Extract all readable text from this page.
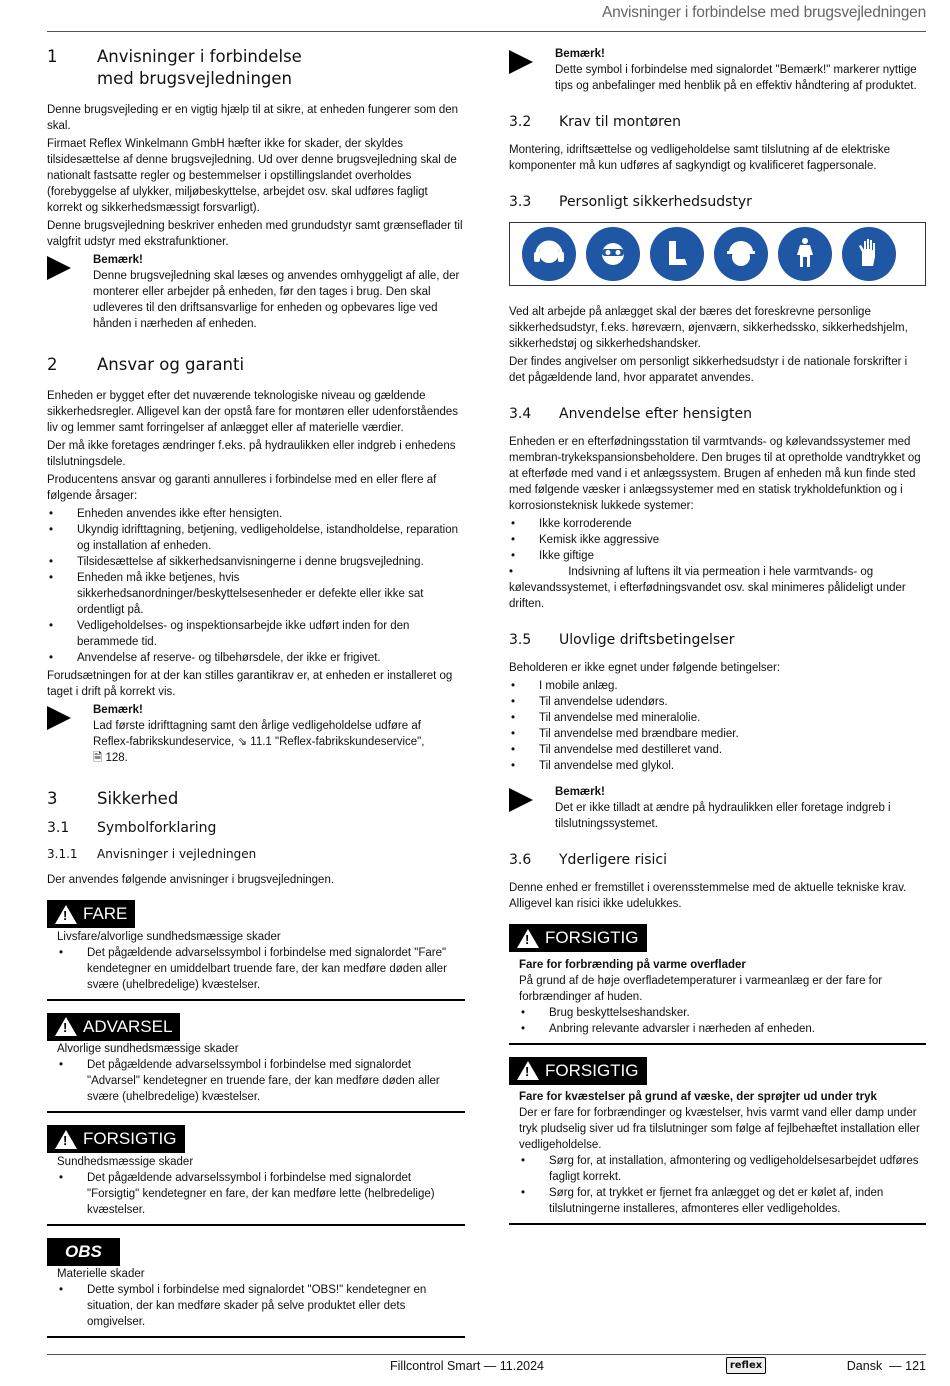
Anvisninger i forbindelse med brugsvejledningen
1	Anvisninger i forbindelse med brugsvejledningen

Denne brugsvejleding er en vigtig hjælp til at sikre, at enheden fungerer som den skal.

Firmaet Reflex Winkelmann GmbH hæfter ikke for skader, der skyldes tilsidesættelse af denne brugsvejledning. Ud over denne brugsvejledning skal de nationalt fastsatte regler og bestemmelser i opstillingslandet overholdes (forebyggelse af ulykker, miljøbeskyttelse, arbejdet osv. skal udføres fagligt korrekt og sikkerhedsmæssigt forsvarligt).

Denne brugsvejledning beskriver enheden med grundudstyr samt grænseflader til valgfrit udstyr med ekstrafunktioner.

Bemærk!
Denne brugsvejledning skal læses og anvendes omhyggeligt af alle, der monterer eller arbejder på enheden, før den tages i brug. Den skal udleveres til den driftsansvarlige for enheden og opbevares lige ved hånden i nærheden af enheden.
2	Ansvar og garanti

Enheden er bygget efter det nuværende teknologiske niveau og gældende sikkerhedsregler. Alligevel kan der opstå fare for montøren eller udenforståendes liv og lemmer samt forringelser af anlægget eller af materielle værdier.

Der må ikke foretages ændringer f.eks. på hydraulikken eller indgreb i enhedens tilslutningsdele.

Producentens ansvar og garanti annulleres i forbindelse med en eller flere af følgende årsager:

• Enheden anvendes ikke efter hensigten.
• Ukyndig idrifttagning, betjening, vedligeholdelse, istandholdelse, reparation og installation af enheden.
• Tilsidesættelse af sikkerhedsanvisningerne i denne brugsvejledning.
• Enheden må ikke betjenes, hvis sikkerhedsanordninger/beskyttelsesenheder er defekte eller ikke sat ordentligt på.
• Vedligeholdelses- og inspektionsarbejde ikke udført inden for den berammede tid.
• Anvendelse af reserve- og tilbehørsdele, der ikke er frigivet.

Forudsætningen for at der kan stilles garantikrav er, at enheden er installeret og taget i drift på korrekt vis.

Bemærk!
Lad første idrifttagning samt den årlige vedligeholdelse udføre af
Reflex-fabrikskundeservice, ⇘ 11.1 "Reflex-fabrikskundeservice",
🗎 128.
3	Sikkerhed
3.1	Symbolforklaring
3.1.1	Anvisninger i vejledningen

Der anvendes følgende anvisninger i brugsvejledningen.

!
FARE
Livsfare/alvorlige sundhedsmæssige skader
• Det pågældende advarselssymbol i forbindelse med signalordet "Fare" kendetegner en umiddelbart truende fare, der kan medføre døden aller svære (uhelbredelige) kvæstelser.
!
ADVARSEL
Alvorlige sundhedsmæssige skader
• Det pågældende advarselssymbol i forbindelse med signalordet "Advarsel" kendetegner en truende fare, der kan medføre døden aller svære (uhelbredelige) kvæstelser.
!
FORSIGTIG
Sundhedsmæssige skader
• Det pågældende advarselssymbol i forbindelse med signalordet "Forsigtig" kendetegner en fare, der kan medføre lette (helbredelige) kvæstelser.
OBS
Materielle skader
• Dette symbol i forbindelse med signalordet "OBS!" kendetegner en situation, der kan medføre skader på selve produktet eller dets omgivelser.
Bemærk!
Dette symbol i forbindelse med signalordet "Bemærk!" markerer nyttige tips og anbefalinger med henblik på en effektiv håndtering af produktet.
3.2	Krav til montøren

Montering, idriftsættelse og vedligeholdelse samt tilslutning af de elektriske komponenter må kun udføres af sagkyndigt og kvalificeret fagpersonale.

3.3	Personligt sikkerhedsudstyr

Ved alt arbejde på anlægget skal der bæres det foreskrevne personlige sikkerhedsudstyr, f.eks. høreværn, øjenværn, sikkerhedssko, sikkerhedshjelm, sikkerhedstøj og sikkerhedshandsker.

Der findes angivelser om personligt sikkerhedsudstyr i de nationale forskrifter i det pågældende land, hvor apparatet anvendes.

3.4	Anvendelse efter hensigten

Enheden er en efterfødningsstation til varmtvands- og kølevandssystemer med membran-trykekspansionsbeholdere. Den bruges til at opretholde vandtrykket og at efterføde med vand i et anlægssystem. Brugen af enheden må kun finde sted med følgende væsker i anlægssystemer med en statisk trykholdefunktion og i korrosionsteknisk lukkede systemer:

• Ikke korroderende
• Kemisk ikke aggressive
• Ikke giftige

•	Indsivning af luftens ilt via permeation i hele varmtvands- og kølevandssystemet, i efterfødningsvandet osv. skal minimeres pålideligt under driften.

3.5	Ulovlige driftsbetingelser

Beholderen er ikke egnet under følgende betingelser:

• I mobile anlæg.
• Til anvendelse udendørs.
• Til anvendelse med mineralolie.
• Til anvendelse med brændbare medier.
• Til anvendelse med destilleret vand.
• Til anvendelse med glykol.
Bemærk!
Det er ikke tilladt at ændre på hydraulikken eller foretage indgreb i tilslutningssystemet.
3.6	Yderligere risici

Denne enhed er fremstillet i overensstemmelse med de aktuelle tekniske krav. Alligevel kan risici ikke udelukkes.

!
FORSIGTIG
Fare for forbrænding på varme overflader
På grund af de høje overfladetemperaturer i varmeanlæg er der fare for forbrændinger af huden.
• Brug beskyttelseshandsker.
• Anbring relevante advarsler i nærheden af enheden.
!
FORSIGTIG
Fare for kvæstelser på grund af væske, der sprøjter ud under tryk
Der er fare for forbrændinger og kvæstelser, hvis varmt vand eller damp under tryk pludselig siver ud fra tilslutninger som følge af fejlbehæftet installation eller vedligeholdelse.
• Sørg for, at installation, afmontering og vedligeholdelsesarbejdet udføres fagligt korrekt.
• Sørg for, at trykket er fjernet fra anlægget og det er kølet af, inden tilslutningerne installeres, afmonteres eller vedligeholdes.
Fillcontrol Smart — 11.2024	reflex	Dansk  — 121
